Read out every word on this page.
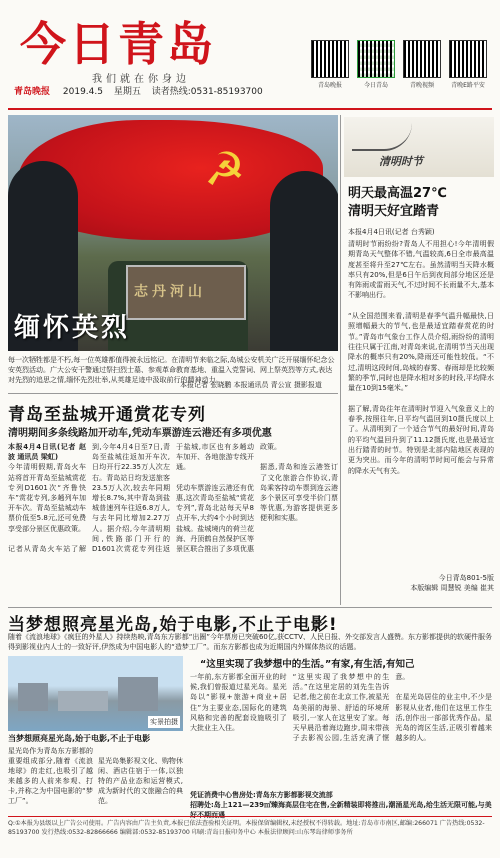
今日青岛
我们就在你身边
青岛晚报 2019.4.5 星期五 读者热线:0531-85193700
青岛晚报	今日青岛	青晚视频	青晚E路平安
☭
志丹河山
缅怀英烈
每一次牺牲都是不朽,每一位英雄都值得被永远铭记。在清明节来临之际,岛城公安机关广泛开展缅怀纪念公安英烈活动。广大公安干警通过祭扫烈士墓、参观革命教育基地、重温入党誓词、网上祭英烈等方式,表达对先烈的追思之情,缅怀先烈壮举,从英雄足迹中汲取前行的精神动力。
本报记者 张晓鹏 本报通讯员 青公宣 摄影报道
清明时节
明天最高温27℃
清明天好宜踏青
本报4月4日讯(记者 台秀颖)
清明时节雨纷纷?青岛人不用担心!今年清明假期青岛天气整体不错,气温较高,6日全市最高温度甚至将升至27℃左右。虽然清明当天降水概率只有20%,但是6日午后到夜间部分地区还是有阵雨或雷雨天气,不过时间不长雨量不大,基本不影响出行。

“从全国范围来看,清明是春季气温升幅最快,日照增幅最大的节气,也是最适宜踏春赏花的时节。”青岛市气象台工作人员介绍,雨纷纷的清明往往只属于江南,对青岛来说,在清明节当天出现降水的概率只有20%,降雨还可能性较低。“不过,清明这段时间,岛城的春雾、春雨却是比较频繁的季节,同时也是降水相对多的时段,平均降水量在10到15毫米。”

据了解,青岛往年在清明时节迎入气象意义上的春季,按照往年,日平均气温回到10摄氏度以上了。从清明到了一个适合节气的最好时间,青岛的平均气温回升到了11.12摄氏度,也是最适宜出行踏青的时节。特别是北部内陆地区表现的更为突出。而今年的清明节时间可能会与异常的降水天气有关。
今日青岛801-5版
本版编辑 周慧锐 美编 崔其
青岛至盐城开通赏花专列
清明期间多条线路加开动车,凭动车票游连云港还有多项优惠
本报4月4日讯(记者 赵波 通讯员 梁虹)
今年清明假期,青岛火车站将首开青岛至盐城赏花专列D1601次“齐鲁快车”赏花专列,多趟列车加开车次。青岛至盐城动车票价低至5.8元,还可免费享受部分景区优惠政策。

记者从青岛火车站了解到,今年4月4日至7日,青岛至盐城往返加开车次,日均开行22.35万人次左右。青岛站日均发送旅客23.5万人次,较去年同期增长8.7%,其中青岛到盐城普速列车往返6.8万人,与去年同比增加2.27万人。据介绍,今年清明期间,铁路部门开行的D1601次赏花专列往返于盐城,市区也有多趟动车加开、各地旅游专线开通。

凭动车票游连云港还有优惠,这次青岛至盐城“赏花专列”,青岛北站每天早8点开车,大约4个小时到达盐城。盐城境内的荷兰花海、丹顶鹤自然保护区等景区联合推出了多项优惠政策。

据悉,青岛和连云港签订了文化旅游合作协议,青岛乘客持动车票到连云港多个景区可享受半价门票等优惠,为游客提供更多便利和实惠。
当梦想照亮星光岛,始于电影,不止于电影!
随着《流浪地球》《疯狂的外星人》持续热映,青岛东方影都“出圈”今年票房已突破60亿,获CCTV、人民日报、外交部发言人盛赞。东方影都提供的软硬件服务得到影视业内人士的一致好评,伊然成为中国电影人的“造梦工厂”。而东方影都也成为近期国内外媒体热议的话题。
实景拍摄
当梦想照亮星光岛,始于电影,不止于电影
星光岛作为青岛东方影都的重要组成部分,随着《流浪地球》的走红,也吸引了越来越多的人前来参观、打卡,并称之为中国电影的“梦工厂”。

星光岛集影视文化、购物休闲、酒店住宿于一体,以独特的产品业态和运营模式,成为新时代的文旅融合的典范。
“这里实现了我梦想中的生活。”有家,有生活,有知己
一年前,东方影都全面开业的时候,我们曾报道过星光岛。星光岛以“影视+旅游+商业+居住”为主要业态,国际化的建筑风格和完善的配套设施吸引了大批业主入住。

“这里实现了我梦想中的生活。”在这里定居的刘先生告诉记者,他之前在北京工作,被星光岛美丽的海景、舒适的环境所吸引,一家人在这里安了家。每天早晨沿着海边跑步,周末带孩子去影视公园,生活充满了惬意。

在星光岛居住的业主中,不少是影视从业者,他们在这里工作生活,创作出一部部优秀作品。星光岛的湾区生活,正吸引着越来越多的人。
凭证消费中心售房处:青岛东方影都影视交流部
招聘处:岛上121—239㎡臻海高层住宅在售,全新精装即将推出,潮涌星光岛,给生活无限可能,与美好不期而遇
Q:①本报为县级以上广告公司使用。广告内容由广告主负责,本报已依法查验相关证明。本报保留编辑权,未经授权不得转载。地址:青岛市市南区,邮编:266071 广告热线:0532-85193700 发行热线:0532-82866666 编辑部:0532-85193700 印刷:青岛日报印务中心 本报法律顾问:山东琴岛律师事务所
